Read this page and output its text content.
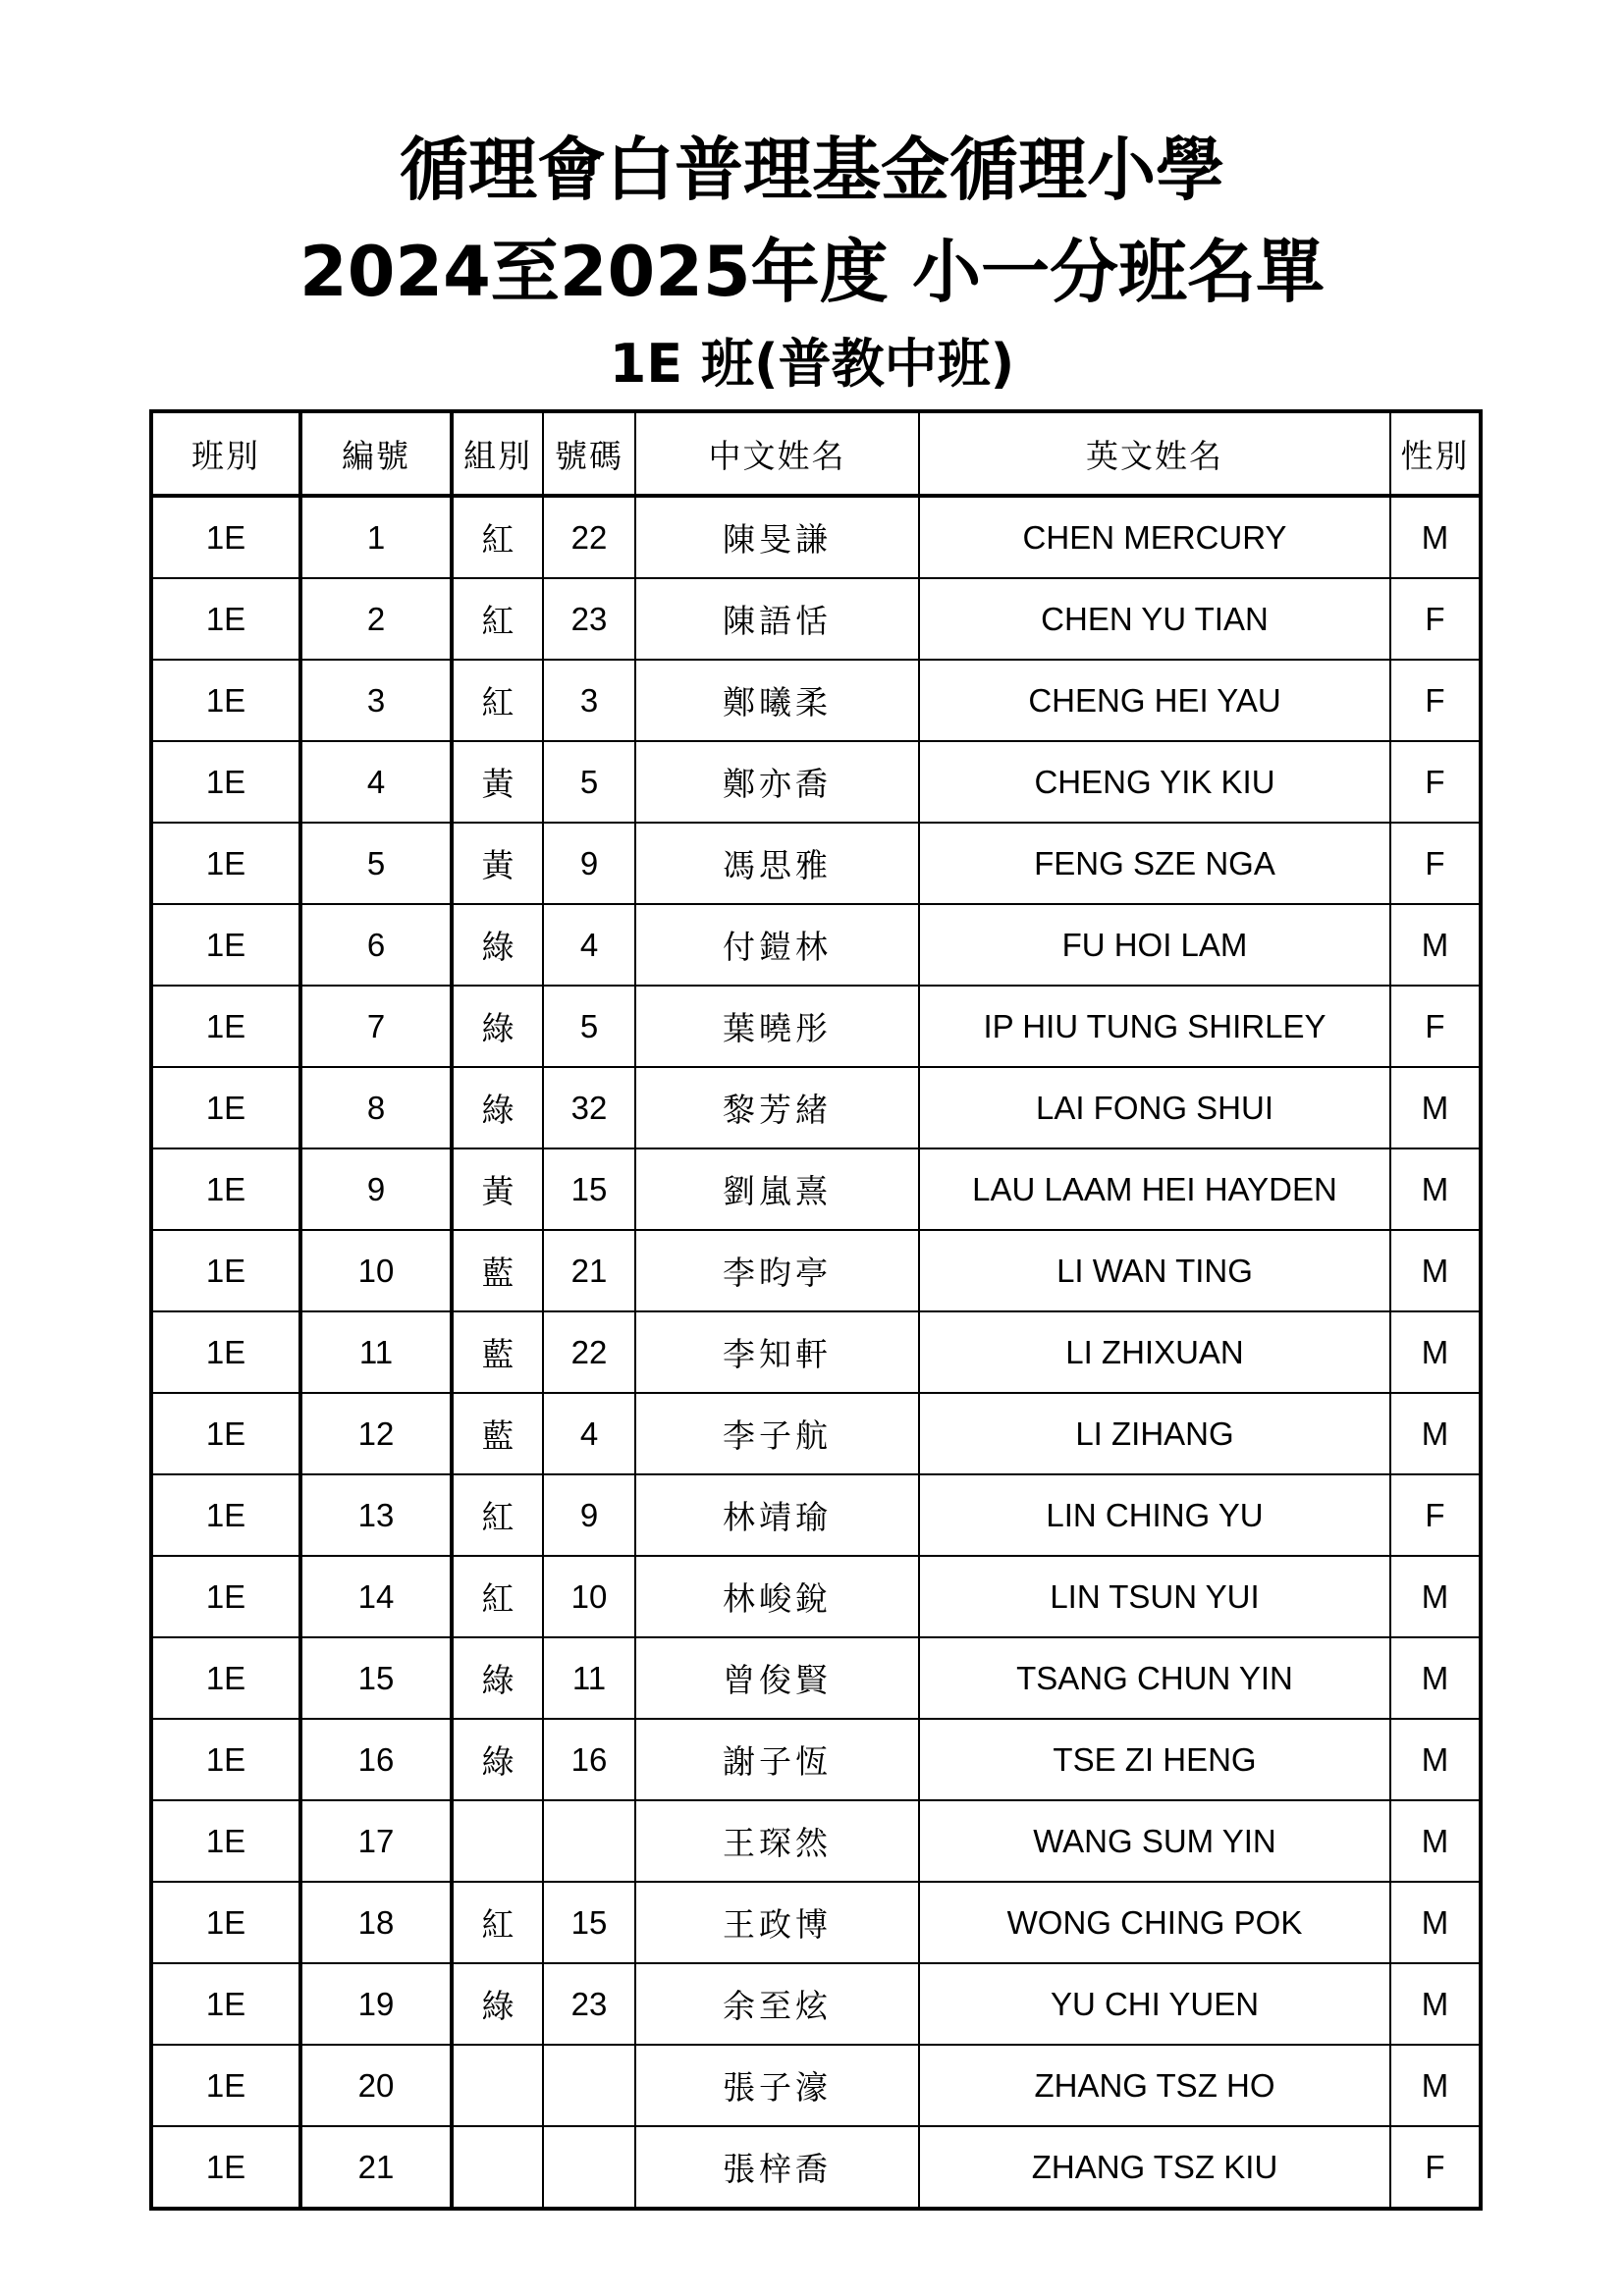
循理會白普理基金循理小學
2024至2025年度 小一分班名單
1E 班(普教中班)
班別	編號	組別	號碼	中文姓名	英文姓名	性別
1E	1	紅	22	陳旻謙	CHEN MERCURY	M
1E	2	紅	23	陳語恬	CHEN YU TIAN	F
1E	3	紅	3	鄭曦柔	CHENG HEI YAU	F
1E	4	黃	5	鄭亦喬	CHENG YIK KIU	F
1E	5	黃	9	馮思雅	FENG SZE NGA	F
1E	6	綠	4	付鎧林	FU HOI LAM	M
1E	7	綠	5	葉曉彤	IP HIU TUNG SHIRLEY	F
1E	8	綠	32	黎芳緒	LAI FONG SHUI	M
1E	9	黃	15	劉嵐熹	LAU LAAM HEI HAYDEN	M
1E	10	藍	21	李昀亭	LI WAN TING	M
1E	11	藍	22	李知軒	LI ZHIXUAN	M
1E	12	藍	4	李子航	LI ZIHANG	M
1E	13	紅	9	林靖瑜	LIN CHING YU	F
1E	14	紅	10	林峻銳	LIN TSUN YUI	M
1E	15	綠	11	曾俊賢	TSANG CHUN YIN	M
1E	16	綠	16	謝子恆	TSE ZI HENG	M
1E	17			王琛然	WANG SUM YIN	M
1E	18	紅	15	王政博	WONG CHING POK	M
1E	19	綠	23	余至炫	YU CHI YUEN	M
1E	20			張子濠	ZHANG TSZ HO	M
1E	21			張梓喬	ZHANG TSZ KIU	F
